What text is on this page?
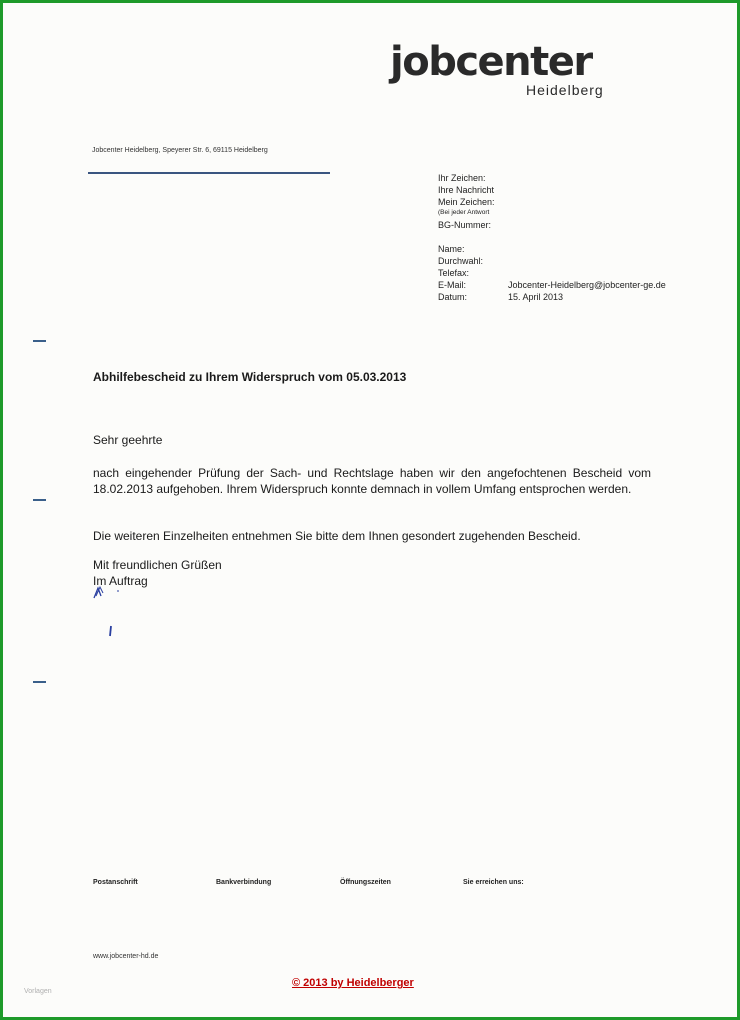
jobcenter
Heidelberg
Jobcenter Heidelberg, Speyerer Str. 6, 69115 Heidelberg
Ihr Zeichen:
Ihre Nachricht
Mein Zeichen:
(Bei jeder Antwort
BG-Nummer:
Name:
Durchwahl:
Telefax:
E-Mail:	Jobcenter-Heidelberg@jobcenter-ge.de
Datum:	15. April 2013
Abhilfebescheid zu Ihrem Widerspruch vom 05.03.2013
Sehr geehrte
nach eingehender Prüfung der Sach- und Rechtslage haben wir den angefochtenen Bescheid vom 18.02.2013 aufgehoben. Ihrem Widerspruch konnte demnach in vollem Umfang entsprochen werden.
Die weiteren Einzelheiten entnehmen Sie bitte dem Ihnen gesondert zugehenden Bescheid.
Mit freundlichen Grüßen
Im Auftrag
Postanschrift	Bankverbindung	Öffnungszeiten	Sie erreichen uns:
www.jobcenter-hd.de
© 2013 by Heidelberger
Vorlagen
